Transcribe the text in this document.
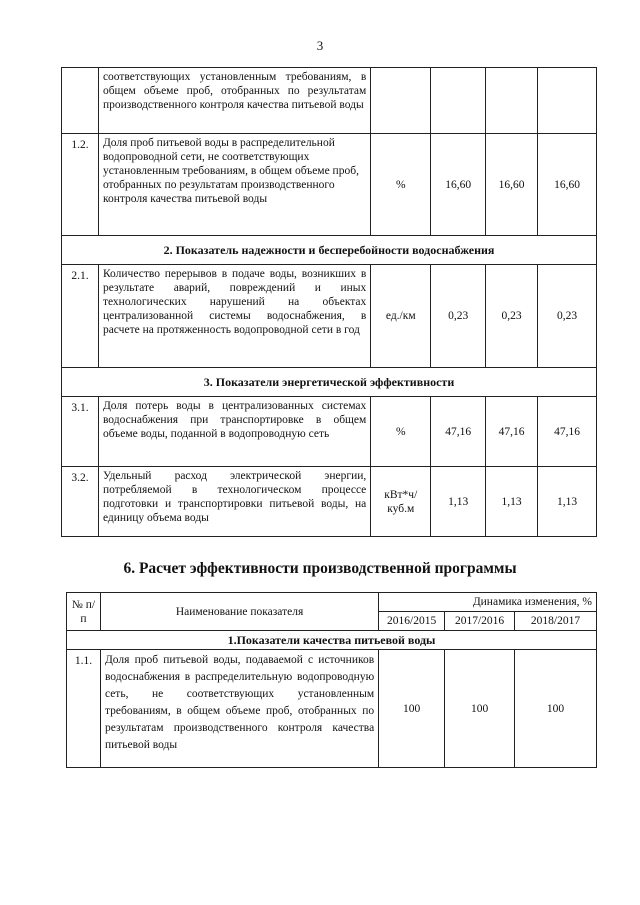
3
	соответствующих установленным требованиям, в общем объеме проб, отобранных по результатам производственного контроля качества питьевой воды				
1.2.	Доля проб питьевой воды в распределительной водопроводной сети, не соответствующих установленным требованиям, в общем объеме проб, отобранных по результатам производственного контроля качества питьевой воды	%	16,60	16,60	16,60
2. Показатель надежности и бесперебойности водоснабжения					
2.1.	Количество перерывов в подаче воды, возникших в результате аварий, повреждений и иных технологических нарушений на объектах централизованной системы водоснабжения, в расчете на протяженность водопроводной сети в год	ед./км	0,23	0,23	0,23
3. Показатели энергетической эффективности					
3.1.	Доля потерь воды в централизованных системах водоснабжения при транспортировке в общем объеме воды, поданной в водопроводную сеть	%	47,16	47,16	47,16
3.2.	Удельный расход электрической энергии, потребляемой в технологическом процессе подготовки и транспортировки питьевой воды, на единицу объема воды	кВт*ч/ куб.м	1,13	1,13	1,13
6. Расчет эффективности производственной программы
№ п/п	Наименование показателя	Динамика изменения, %		
		2016/2015	2017/2016	2018/2017
1.Показатели качества питьевой воды				
1.1.	Доля проб питьевой воды, подаваемой с источников водоснабжения в распределительную водопроводную сеть, не соответствующих установленным требованиям, в общем объеме проб, отобранных по результатам производственного контроля качества питьевой воды	100	100	100
